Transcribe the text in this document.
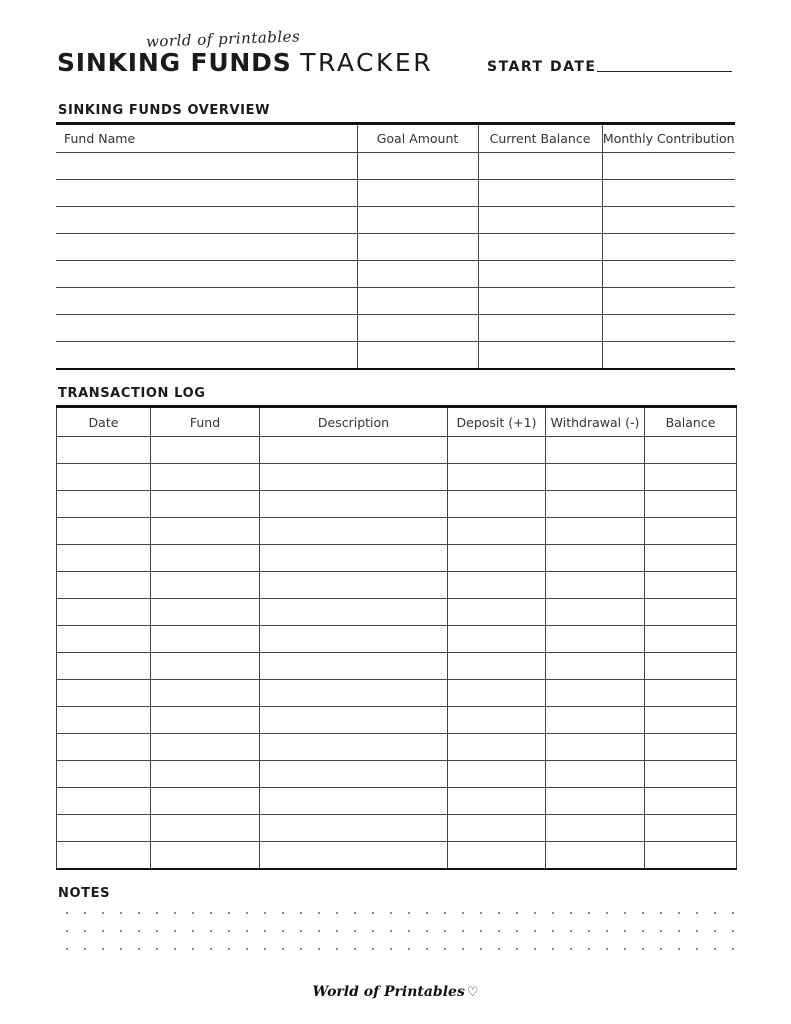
world of printables
SINKING FUNDS TRACKER	START DATE
SINKING FUNDS OVERVIEW
Fund Name	Goal Amount	Current Balance	Monthly Contribution

TRANSACTION LOG
Date	Fund	Description	Deposit (+1)	Withdrawal (-)	Balance

NOTES
World of Printables ♡
